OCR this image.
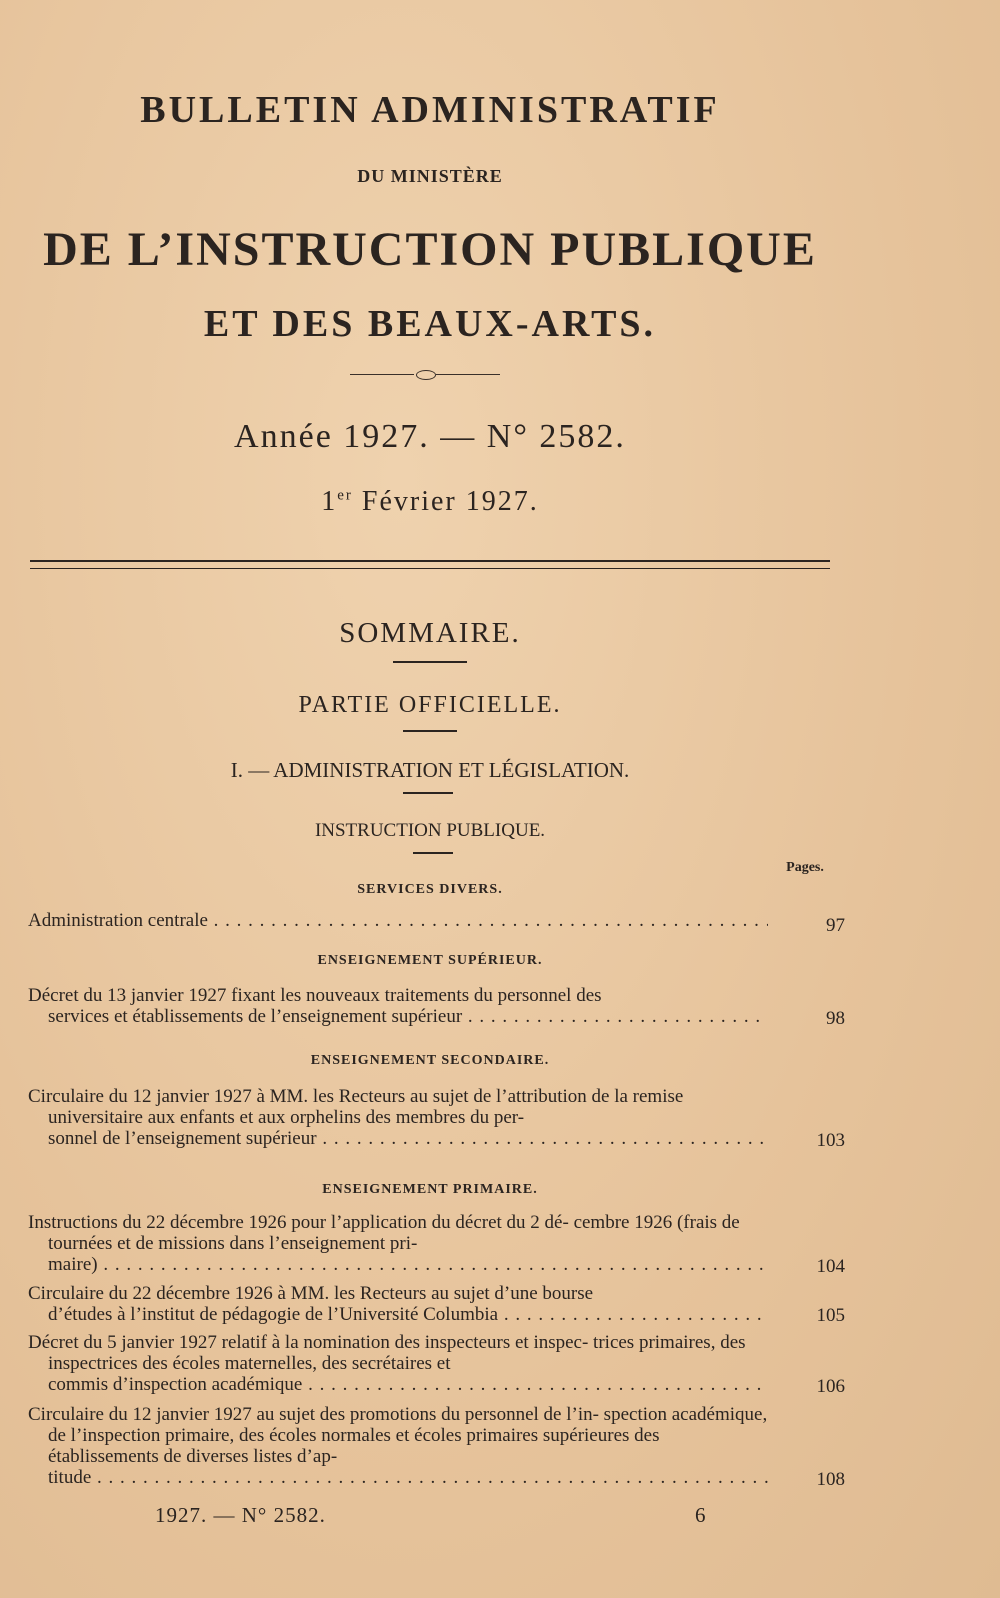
BULLETIN ADMINISTRATIF
DU MINISTÈRE
DE L’INSTRUCTION PUBLIQUE
ET DES BEAUX-ARTS.
Année 1927. — N° 2582.
1er Février 1927.
SOMMAIRE.
PARTIE OFFICIELLE.
I. — ADMINISTRATION ET LÉGISLATION.
INSTRUCTION PUBLIQUE.
Pages.
SERVICES DIVERS.
Administration centrale . . .	97
ENSEIGNEMENT SUPÉRIEUR.
Décret du 13 janvier 1927 fixant les nouveaux traitements du personnel des
services et établissements de l’enseignement supérieur . . .	98
ENSEIGNEMENT SECONDAIRE.
Circulaire du 12 janvier 1927 à MM. les Recteurs au sujet de l’attribution de la remise universitaire aux enfants et aux orphelins des membres du per-
sonnel de l’enseignement supérieur . . .	103
ENSEIGNEMENT PRIMAIRE.
Instructions du 22 décembre 1926 pour l’application du décret du 2 dé- cembre 1926 (frais de tournées et de missions dans l’enseignement pri-
maire) . . .	104
Circulaire du 22 décembre 1926 à MM. les Recteurs au sujet d’une bourse
d’études à l’institut de pédagogie de l’Université Columbia . . .	105
Décret du 5 janvier 1927 relatif à la nomination des inspecteurs et inspec- trices primaires, des inspectrices des écoles maternelles, des secrétaires et
commis d’inspection académique . . .	106
Circulaire du 12 janvier 1927 au sujet des promotions du personnel de l’in- spection académique, de l’inspection primaire, des écoles normales et écoles primaires supérieures des établissements de diverses listes d’ap-
titude . . .	108
1927. — N° 2582.	6
